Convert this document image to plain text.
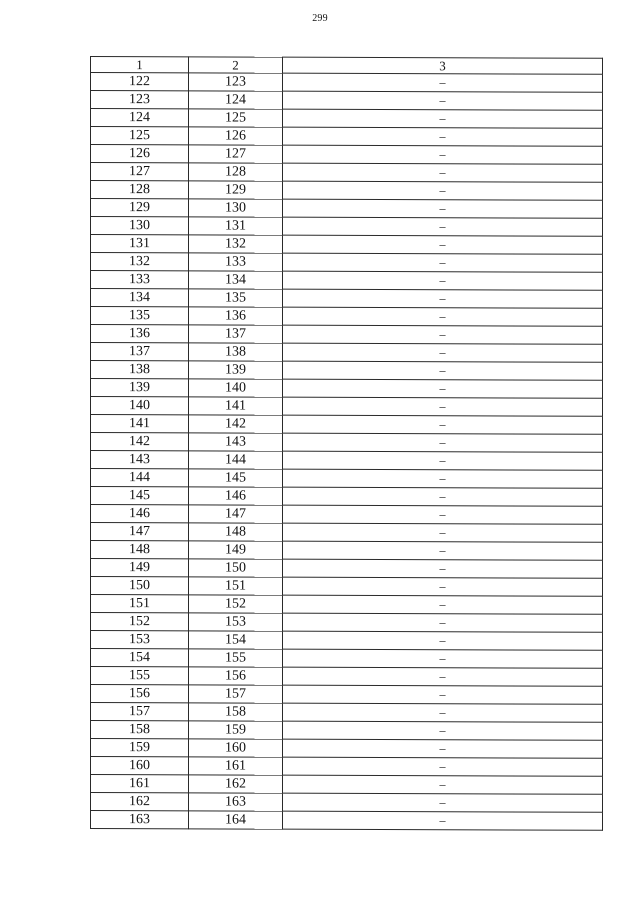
299
1	2	3
122	123	–
123	124	–
124	125	–
125	126	–
126	127	–
127	128	–
128	129	–
129	130	–
130	131	–
131	132	–
132	133	–
133	134	–
134	135	–
135	136	–
136	137	–
137	138	–
138	139	–
139	140	–
140	141	–
141	142	–
142	143	–
143	144	–
144	145	–
145	146	–
146	147	–
147	148	–
148	149	–
149	150	–
150	151	–
151	152	–
152	153	–
153	154	–
154	155	–
155	156	–
156	157	–
157	158	–
158	159	–
159	160	–
160	161	–
161	162	–
162	163	–
163	164	–
